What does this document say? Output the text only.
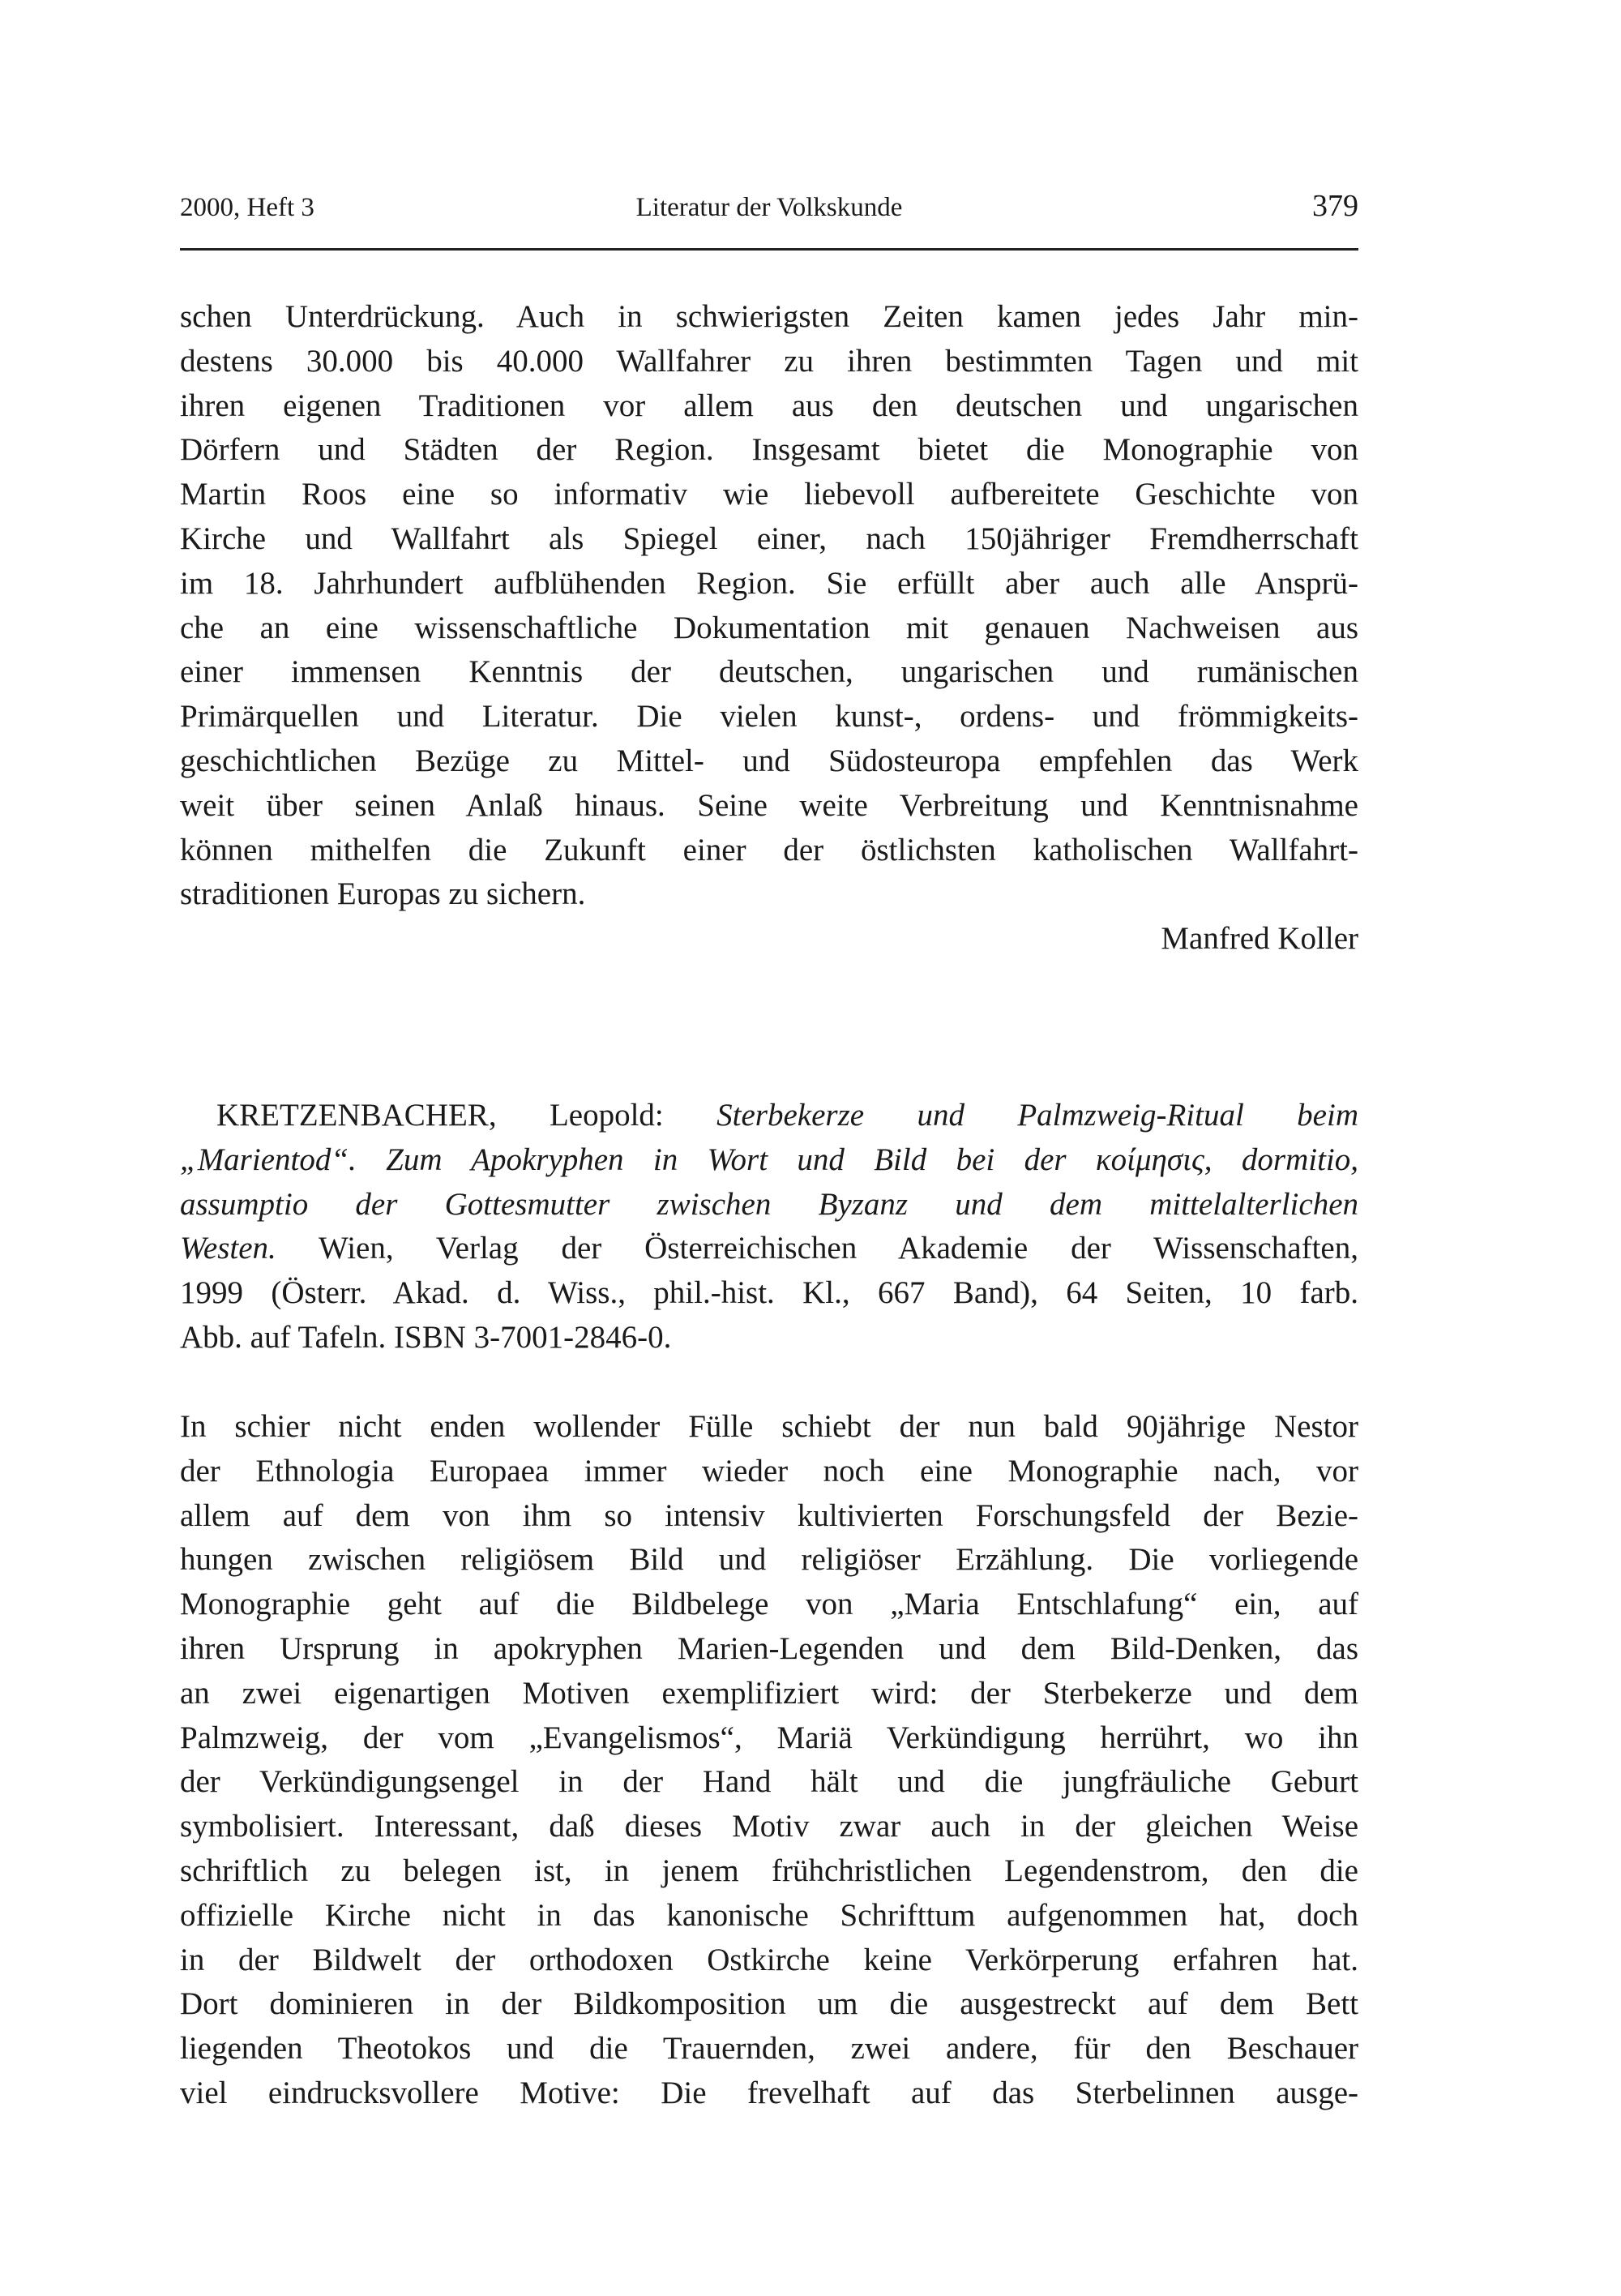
2000, Heft 3	Literatur der Volkskunde	379
schen Unterdrückung. Auch in schwierigsten Zeiten kamen jedes Jahr min-
destens 30.000 bis 40.000 Wallfahrer zu ihren bestimmten Tagen und mit
ihren eigenen Traditionen vor allem aus den deutschen und ungarischen
Dörfern und Städten der Region. Insgesamt bietet die Monographie von
Martin Roos eine so informativ wie liebevoll aufbereitete Geschichte von
Kirche und Wallfahrt als Spiegel einer, nach 150jähriger Fremdherrschaft
im 18. Jahrhundert aufblühenden Region. Sie erfüllt aber auch alle Ansprü-
che an eine wissenschaftliche Dokumentation mit genauen Nachweisen aus
einer immensen Kenntnis der deutschen, ungarischen und rumänischen
Primärquellen und Literatur. Die vielen kunst-, ordens- und frömmigkeits-
geschichtlichen Bezüge zu Mittel- und Südosteuropa empfehlen das Werk
weit über seinen Anlaß hinaus. Seine weite Verbreitung und Kenntnisnahme
können mithelfen die Zukunft einer der östlichsten katholischen Wallfahrt-
straditionen Europas zu sichern.
Manfred Koller
KRETZENBACHER, Leopold: Sterbekerze und Palmzweig-Ritual beim
„Marientod“. Zum Apokryphen in Wort und Bild bei der κοίμησις, dormitio,
assumptio der Gottesmutter zwischen Byzanz und dem mittelalterlichen
Westen. Wien, Verlag der Österreichischen Akademie der Wissenschaften,
1999 (Österr. Akad. d. Wiss., phil.-hist. Kl., 667 Band), 64 Seiten, 10 farb.
Abb. auf Tafeln. ISBN 3-7001-2846-0.
In schier nicht enden wollender Fülle schiebt der nun bald 90jährige Nestor
der Ethnologia Europaea immer wieder noch eine Monographie nach, vor
allem auf dem von ihm so intensiv kultivierten Forschungsfeld der Bezie-
hungen zwischen religiösem Bild und religiöser Erzählung. Die vorliegende
Monographie geht auf die Bildbelege von „Maria Entschlafung“ ein, auf
ihren Ursprung in apokryphen Marien-Legenden und dem Bild-Denken, das
an zwei eigenartigen Motiven exemplifiziert wird: der Sterbekerze und dem
Palmzweig, der vom „Evangelismos“, Mariä Verkündigung herrührt, wo ihn
der Verkündigungsengel in der Hand hält und die jungfräuliche Geburt
symbolisiert. Interessant, daß dieses Motiv zwar auch in der gleichen Weise
schriftlich zu belegen ist, in jenem frühchristlichen Legendenstrom, den die
offizielle Kirche nicht in das kanonische Schrifttum aufgenommen hat, doch
in der Bildwelt der orthodoxen Ostkirche keine Verkörperung erfahren hat.
Dort dominieren in der Bildkomposition um die ausgestreckt auf dem Bett
liegenden Theotokos und die Trauernden, zwei andere, für den Beschauer
viel eindrucksvollere Motive: Die frevelhaft auf das Sterbelinnen ausge-
